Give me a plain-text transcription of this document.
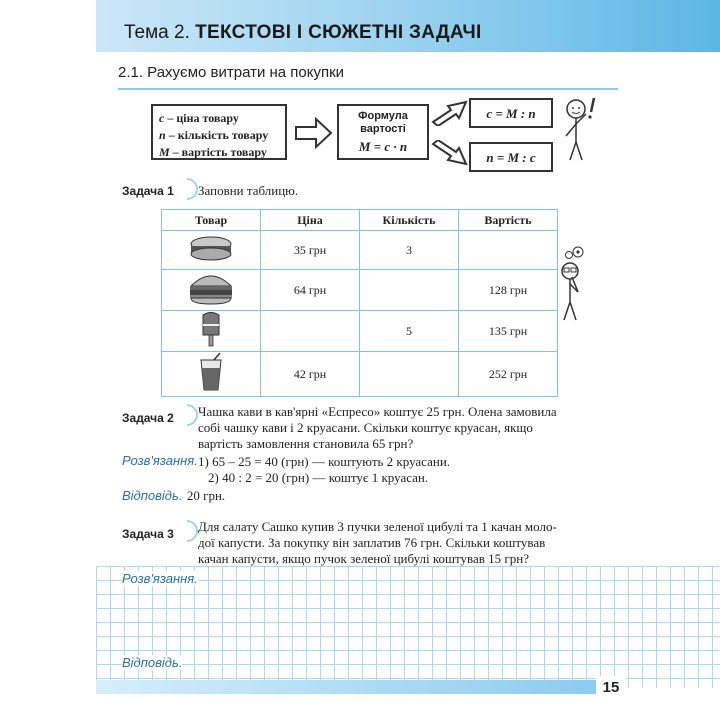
Тема 2. ТЕКСТОВІ І СЮЖЕТНІ ЗАДАЧІ
2.1. Рахуємо витрати на покупки
с – ціна товару
n – кількість товару
M – вартість товару
Формула
вартості
M = с · n
c = M : n
n = M : c
Задача 1 Заповни таблицю.
Товар	Ціна	Кількість	Вартість
	35 грн	3	
	64 грн		128 грн
		5	135 грн
	42 грн		252 грн
Задача 2 Чашка кави в кав'ярні «Еспресо» коштує 25 грн. Олена замовила
собі чашку кави і 2 круасани. Скільки коштує круасан, якщо
вартість замовлення становила 65 грн?
Розв'язання. 1) 65 – 25 = 40 (грн) — коштують 2 круасани.
2) 40 : 2 = 20 (грн) — коштує 1 круасан.
Відповідь. 20 грн.
Задача 3 Для салату Сашко купив 3 пучки зеленої цибулі та 1 качан моло-
дої капусти. За покупку він заплатив 76 грн. Скільки коштував
качан капусти, якщо пучок зеленої цибулі коштував 15 грн?
Розв'язання.
Відповідь.
15
